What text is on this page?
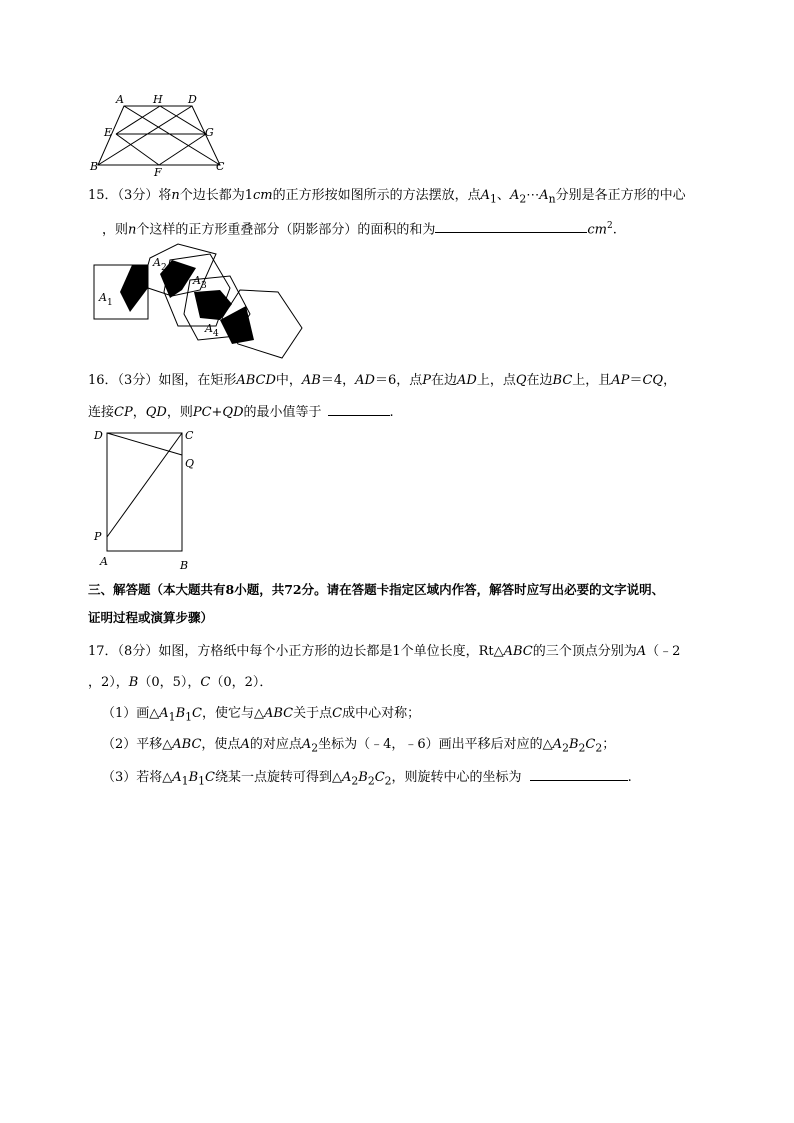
A	H D
E	G
B	F	C
15．（3分）将n个边长都为1cm的正方形按如图所示的方法摆放，点$A_1$、$A_2\cdots A_n$分别是各正方形的中心
，则n个这样的正方形重叠部分（阴影部分）的面积的和为	$cm^2$.
$A_1$
$A_2$
$A_3$
$A_4$
16．（3分）如图，在矩形ABCD中，AB＝4，AD＝6，点P在边AD上，点Q在边BC上，且AP＝CQ，
连接CP，QD，则PC+QD的最小值等于	.
D	C
Q
P
A	B
三、解答题（本大题共有8小题，共72分。请在答题卡指定区域内作答，解答时应写出必要的文字说明、
证明过程或演算步骤）
17．（8分）如图，方格纸中每个小正方形的边长都是1个单位长度，Rt△ABC的三个顶点分别为A（﹣2
，2），B（0，5），C（0，2）．
（1）画$\triangle A_1B_1C$，使它与△ABC关于点C成中心对称；
（2）平移△ABC，使点A的对应点$A_2$坐标为（﹣4，﹣6）画出平移后对应的$\triangle A_2B_2C_2$；
（3）若将$\triangle A_1B_1C$绕某一点旋转可得到$\triangle A_2B_2C_2$，则旋转中心的坐标为	.
